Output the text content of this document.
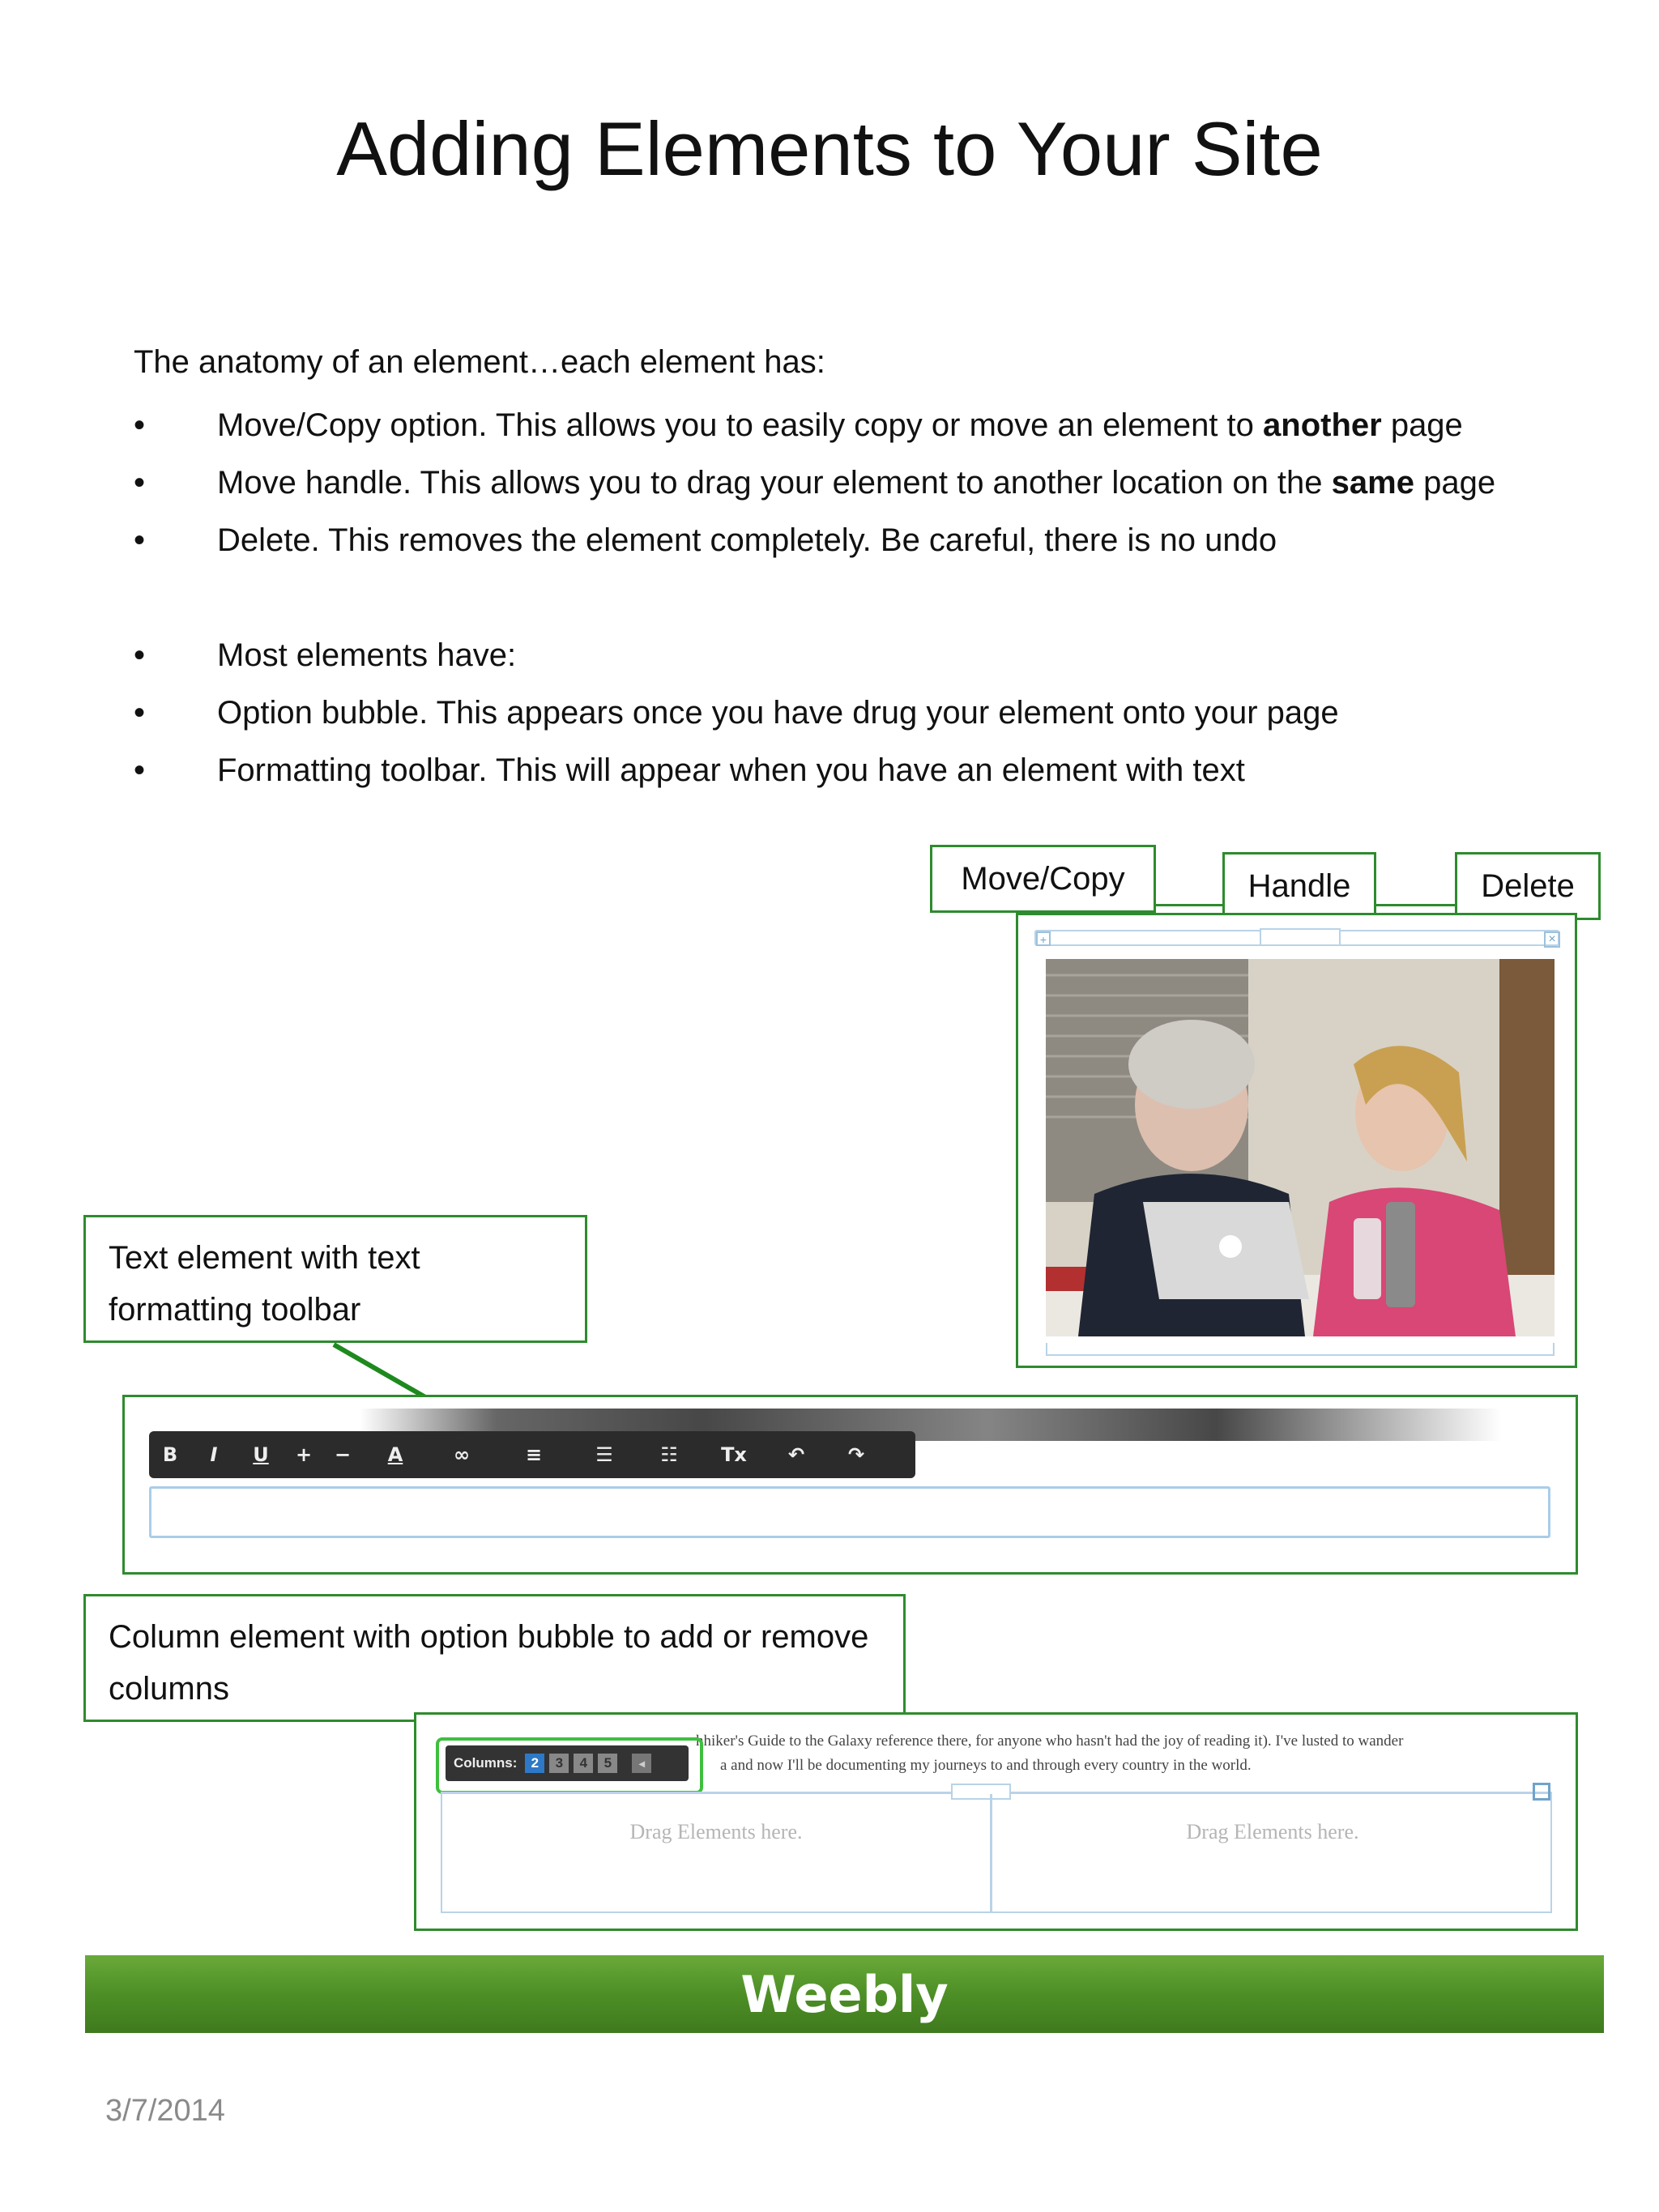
Adding Elements to Your Site
The anatomy of an element…each element has:
•	Move/Copy option. This allows you to easily copy or move an element to another page
•	Move handle. This allows you to drag your element to another location on the same page
•	Delete. This removes the element completely. Be careful, there is no undo
•	Most elements have:
•	Option bubble. This appears once you have drug your element onto your page
•	Formatting toolbar. This will appear when you have an element with text
Move/Copy	Handle	Delete
+	×
Text element with text formatting toolbar
B	I	U	+	−	A	∞	≡	☰	☷	Tx	↶	↷
Column element with option bubble to add or remove columns
hhiker's Guide to the Galaxy reference there, for anyone who hasn't had the joy of reading it). I've lusted to wander
a and now I'll be documenting my journeys to and through every country in the world.
Columns:	2	3	4	5	◂
Drag Elements here.	Drag Elements here.
Weebly
3/7/2014
